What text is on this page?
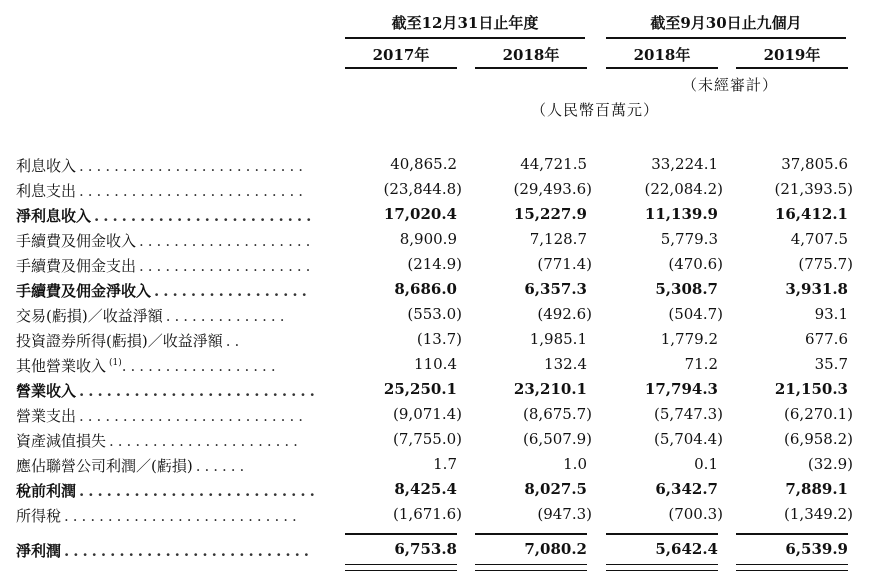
截至12月31日止年度	截至9月30日止九個月
2017年	2018年	2018年	2019年
（未經審計）
（人民幣百萬元）
利息收入 ..........................	40,865.2	44,721.5	33,224.1	37,805.6
利息支出 ..........................	(23,844.8)	(29,493.6)	(22,084.2)	(21,393.5)
淨利息收入 ........................	17,020.4	15,227.9	11,139.9	16,412.1
手續費及佣金收入 ....................	8,900.9	7,128.7	5,779.3	4,707.5
手續費及佣金支出 ....................	(214.9)	(771.4)	(470.6)	(775.7)
手續費及佣金淨收入 .................	8,686.0	6,357.3	5,308.7	3,931.8
交易(虧損)／收益淨額 ..............	(553.0)	(492.6)	(504.7)	93.1
投資證券所得(虧損)／收益淨額 ..	(13.7)	1,985.1	1,779.2	677.6
其他營業收入 $^{(1)}$..................	110.4	132.4	71.2	35.7
營業收入 ..........................	25,250.1	23,210.1	17,794.3	21,150.3
營業支出 ..........................	(9,071.4)	(8,675.7)	(5,747.3)	(6,270.1)
資產減值損失 ......................	(7,755.0)	(6,507.9)	(5,704.4)	(6,958.2)
應佔聯營公司利潤／(虧損) ......	1.7	1.0	0.1	(32.9)
稅前利潤 ..........................	8,425.4	8,027.5	6,342.7	7,889.1
所得稅 ...........................	(1,671.6)	(947.3)	(700.3)	(1,349.2)
淨利潤 ...........................	6,753.8	7,080.2	5,642.4	6,539.9
